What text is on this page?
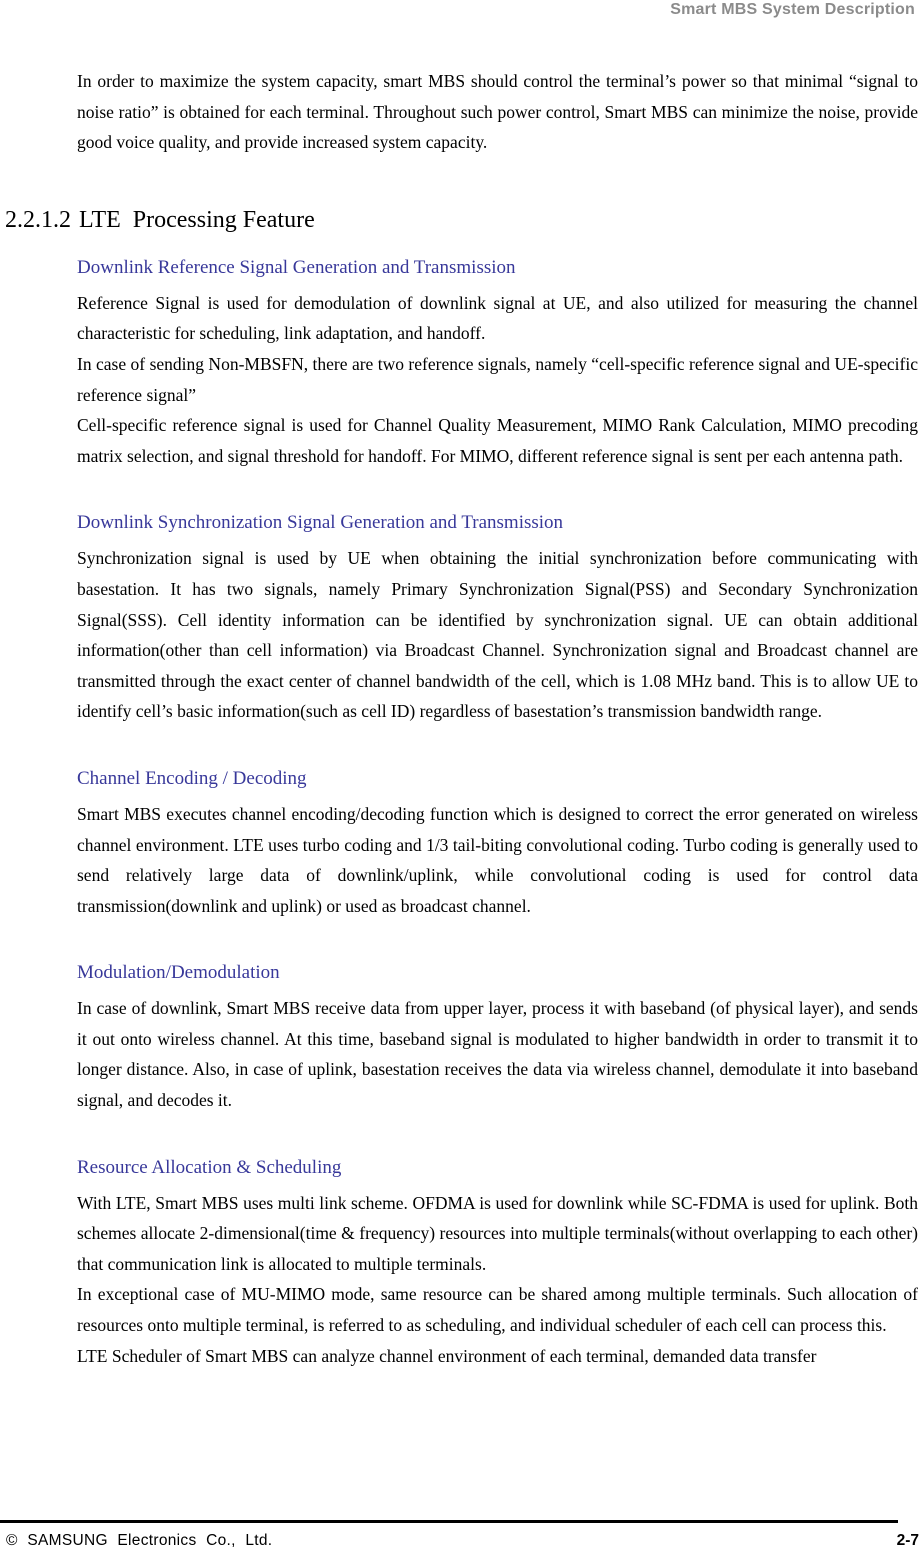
Smart MBS System Description

In order to maximize the system capacity, smart MBS should control the terminal’s power so that minimal “signal to noise ratio” is obtained for each terminal. Throughout such power control, Smart MBS can minimize the noise, provide good voice quality, and provide increased system capacity.

2.2.1.2 LTE  Processing Feature
Downlink Reference Signal Generation and Transmission

Reference Signal is used for demodulation of downlink signal at UE, and also utilized for measuring the channel characteristic for scheduling, link adaptation, and handoff.

In case of sending Non-MBSFN, there are two reference signals, namely “cell-specific reference signal and UE-specific reference signal”

Cell-specific reference signal is used for Channel Quality Measurement, MIMO Rank Calculation, MIMO precoding matrix selection, and signal threshold for handoff. For MIMO, different reference signal is sent per each antenna path.

Downlink Synchronization Signal Generation and Transmission

Synchronization signal is used by UE when obtaining the initial synchronization before communicating with basestation. It has two signals, namely Primary Synchronization Signal(PSS) and Secondary Synchronization Signal(SSS). Cell identity information can be identified by synchronization signal. UE can obtain additional information(other than cell information) via Broadcast Channel. Synchronization signal and Broadcast channel are transmitted through the exact center of channel bandwidth of the cell, which is 1.08 MHz band. This is to allow UE to identify cell’s basic information(such as cell ID) regardless of basestation’s transmission bandwidth range.

Channel Encoding / Decoding

Smart MBS executes channel encoding/decoding function which is designed to correct the error generated on wireless channel environment. LTE uses turbo coding and 1/3 tail-biting convolutional coding. Turbo coding is generally used to send relatively large data of downlink/uplink, while convolutional coding is used for control data transmission(downlink and uplink) or used as broadcast channel.

Modulation/Demodulation

In case of downlink, Smart MBS receive data from upper layer, process it with baseband (of physical layer), and sends it out onto wireless channel. At this time, baseband signal is modulated to higher bandwidth in order to transmit it to longer distance. Also, in case of uplink, basestation receives the data via wireless channel, demodulate it into baseband signal, and decodes it.

Resource Allocation & Scheduling

With LTE, Smart MBS uses multi link scheme. OFDMA is used for downlink while SC-FDMA is used for uplink. Both schemes allocate 2-dimensional(time & frequency) resources into multiple terminals(without overlapping to each other) that communication link is allocated to multiple terminals.

In exceptional case of MU-MIMO mode, same resource can be shared among multiple terminals. Such allocation of resources onto multiple terminal, is referred to as scheduling, and individual scheduler of each cell can process this.

LTE Scheduler of Smart MBS can analyze channel environment of each terminal, demanded data transfer

© SAMSUNG Electronics Co., Ltd.	2-7
